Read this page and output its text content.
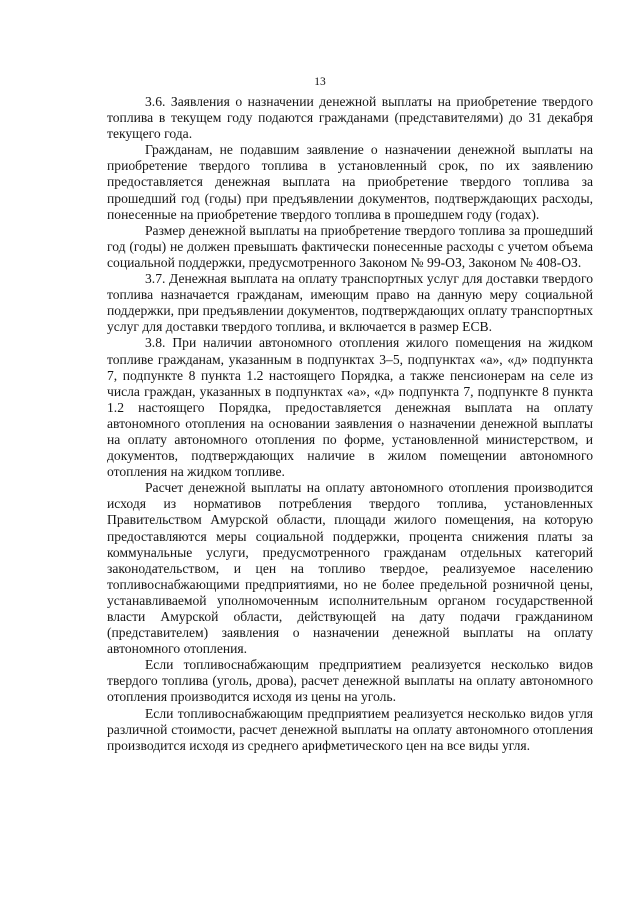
13

3.6. Заявления о назначении денежной выплаты на приобретение твердого топлива в текущем году подаются гражданами (представителями) до 31 декабря текущего года.

Гражданам, не подавшим заявление о назначении денежной выплаты на приобретение твердого топлива в установленный срок, по их заявлению предоставляется денежная выплата на приобретение твердого топлива за прошедший год (годы) при предъявлении документов, подтверждающих расходы, понесенные на приобретение твердого топлива в прошедшем году (годах).

Размер денежной выплаты на приобретение твердого топлива за прошедший год (годы) не должен превышать фактически понесенные расходы с учетом объема социальной поддержки, предусмотренного Законом № 99-ОЗ, Законом № 408-ОЗ.

3.7. Денежная выплата на оплату транспортных услуг для доставки твердого топлива назначается гражданам, имеющим право на данную меру социальной поддержки, при предъявлении документов, подтверждающих оплату транспортных услуг для доставки твердого топлива, и включается в размер ЕСВ.

3.8. При наличии автономного отопления жилого помещения на жидком топливе гражданам, указанным в подпунктах 3–5, подпунктах «а», «д» подпункта 7, подпункте 8 пункта 1.2 настоящего Порядка, а также пенсионерам на селе из числа граждан, указанных в подпунктах «а», «д» подпункта 7, подпункте 8 пункта 1.2 настоящего Порядка, предоставляется денежная выплата на оплату автономного отопления на основании заявления о назначении денежной выплаты на оплату автономного отопления по форме, установленной министерством, и документов, подтверждающих наличие в жилом помещении автономного отопления на жидком топливе.

Расчет денежной выплаты на оплату автономного отопления производится исходя из нормативов потребления твердого топлива, установленных Правительством Амурской области, площади жилого помещения, на которую предоставляются меры социальной поддержки, процента снижения платы за коммунальные услуги, предусмотренного гражданам отдельных категорий законодательством, и цен на топливо твердое, реализуемое населению топливоснабжающими предприятиями, но не более предельной розничной цены, устанавливаемой уполномоченным исполнительным органом государственной власти Амурской области, действующей на дату подачи гражданином (представителем) заявления о назначении денежной выплаты на оплату автономного отопления.

Если топливоснабжающим предприятием реализуется несколько видов твердого топлива (уголь, дрова), расчет денежной выплаты на оплату автономного отопления производится исходя из цены на уголь.

Если топливоснабжающим предприятием реализуется несколько видов угля различной стоимости, расчет денежной выплаты на оплату автономного отопления производится исходя из среднего арифметического цен на все виды угля.
